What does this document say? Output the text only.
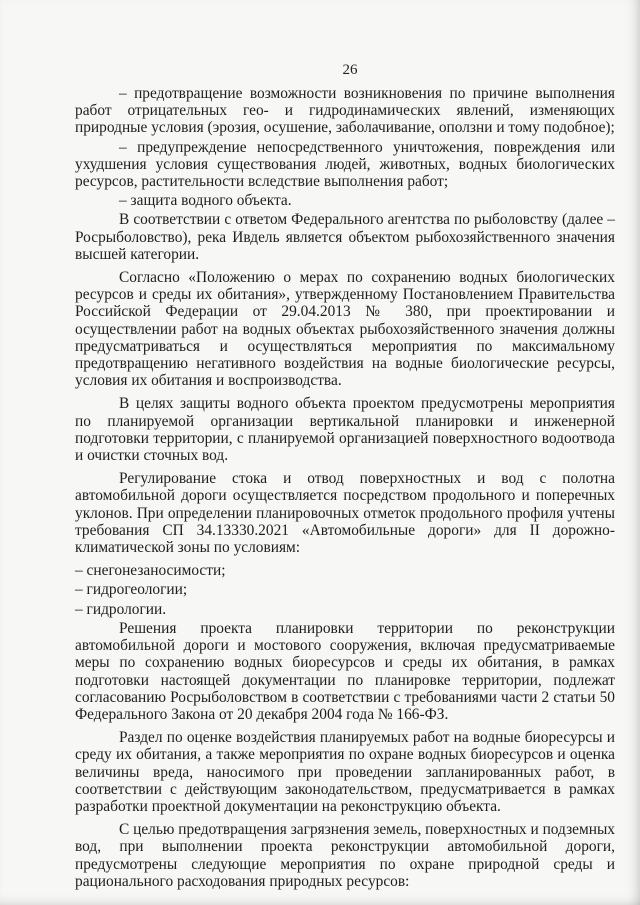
26
– предотвращение возможности возникновения по причине выполнения работ отрицательных гео- и гидродинамических явлений, изменяющих природные условия (эрозия, осушение, заболачивание, оползни и тому подобное);
– предупреждение непосредственного уничтожения, повреждения или ухудшения условия существования людей, животных, водных биологических ресурсов, растительности вследствие выполнения работ;
– защита водного объекта.
В соответствии с ответом Федерального агентства по рыболовству (далее – Росрыболовство), река Ивдель является объектом рыбохозяйственного значения высшей категории.
Согласно «Положению о мерах по сохранению водных биологических ресурсов и среды их обитания», утвержденному Постановлением Правительства Российской Федерации от 29.04.2013 № 380, при проектировании и осуществлении работ на водных объектах рыбохозяйственного значения должны предусматриваться и осуществляться мероприятия по максимальному предотвращению негативного воздействия на водные биологические ресурсы, условия их обитания и воспроизводства.
В целях защиты водного объекта проектом предусмотрены мероприятия по планируемой организации вертикальной планировки и инженерной подготовки территории, с планируемой организацией поверхностного водоотвода и очистки сточных вод.
Регулирование стока и отвод поверхностных и вод с полотна автомобильной дороги осуществляется посредством продольного и поперечных уклонов. При определении планировочных отметок продольного профиля учтены требования СП 34.13330.2021 «Автомобильные дороги» для II дорожно-климатической зоны по условиям:
– снегонезаносимости;
– гидрогеологии;
– гидрологии.
Решения проекта планировки территории по реконструкции автомобильной дороги и мостового сооружения, включая предусматриваемые меры по сохранению водных биоресурсов и среды их обитания, в рамках подготовки настоящей документации по планировке территории, подлежат согласованию Росрыболовством в соответствии с требованиями части 2 статьи 50 Федерального Закона от 20 декабря 2004 года № 166-ФЗ.
Раздел по оценке воздействия планируемых работ на водные биоресурсы и среду их обитания, а также мероприятия по охране водных биоресурсов и оценка величины вреда, наносимого при проведении запланированных работ, в соответствии с действующим законодательством, предусматривается в рамках разработки проектной документации на реконструкцию объекта.
С целью предотвращения загрязнения земель, поверхностных и подземных вод, при выполнении проекта реконструкции автомобильной дороги, предусмотрены следующие мероприятия по охране природной среды и рационального расходования природных ресурсов:
